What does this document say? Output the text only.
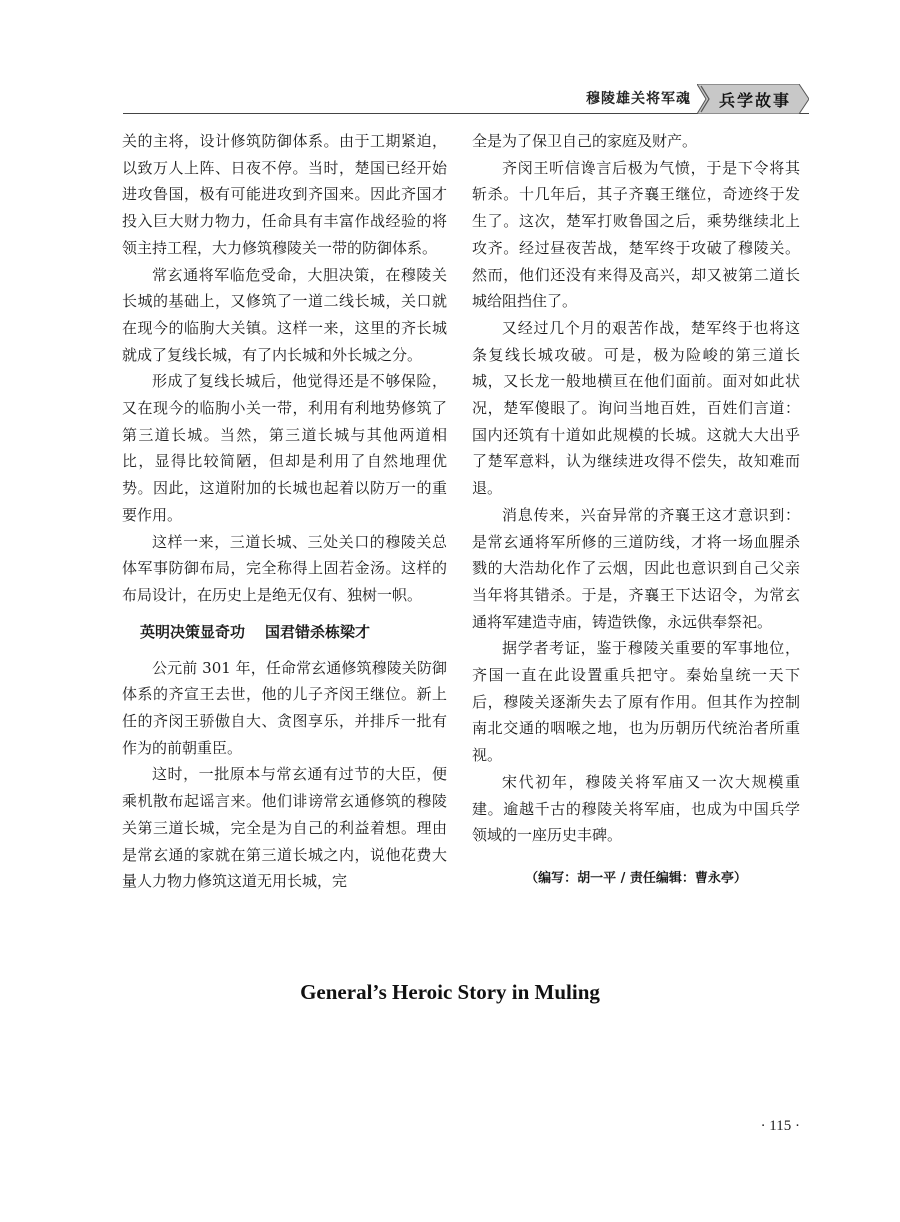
穆陵雄关将军魂 兵学故事

关的主将，设计修筑防御体系。由于工期紧迫，以致万人上阵、日夜不停。当时，楚国已经开始进攻鲁国，极有可能进攻到齐国来。因此齐国才投入巨大财力物力，任命具有丰富作战经验的将领主持工程，大力修筑穆陵关一带的防御体系。

常玄通将军临危受命，大胆决策，在穆陵关长城的基础上，又修筑了一道二线长城，关口就在现今的临朐大关镇。这样一来，这里的齐长城就成了复线长城，有了内长城和外长城之分。

形成了复线长城后，他觉得还是不够保险，又在现今的临朐小关一带，利用有利地势修筑了第三道长城。当然，第三道长城与其他两道相比，显得比较简陋，但却是利用了自然地理优势。因此，这道附加的长城也起着以防万一的重要作用。

这样一来，三道长城、三处关口的穆陵关总体军事防御布局，完全称得上固若金汤。这样的布局设计，在历史上是绝无仅有、独树一帜。

英明决策显奇功 国君错杀栋梁才

公元前 301 年，任命常玄通修筑穆陵关防御体系的齐宣王去世，他的儿子齐闵王继位。新上任的齐闵王骄傲自大、贪图享乐，并排斥一批有作为的前朝重臣。

这时，一批原本与常玄通有过节的大臣，便乘机散布起谣言来。他们诽谤常玄通修筑的穆陵关第三道长城，完全是为自己的利益着想。理由是常玄通的家就在第三道长城之内，说他花费大量人力物力修筑这道无用长城，完

全是为了保卫自己的家庭及财产。

齐闵王听信谗言后极为气愤，于是下令将其斩杀。十几年后，其子齐襄王继位，奇迹终于发生了。这次，楚军打败鲁国之后，乘势继续北上攻齐。经过昼夜苦战，楚军终于攻破了穆陵关。然而，他们还没有来得及高兴，却又被第二道长城给阻挡住了。

又经过几个月的艰苦作战，楚军终于也将这条复线长城攻破。可是，极为险峻的第三道长城，又长龙一般地横亘在他们面前。面对如此状况，楚军傻眼了。询问当地百姓，百姓们言道：国内还筑有十道如此规模的长城。这就大大出乎了楚军意料，认为继续进攻得不偿失，故知难而退。

消息传来，兴奋异常的齐襄王这才意识到：是常玄通将军所修的三道防线，才将一场血腥杀戮的大浩劫化作了云烟，因此也意识到自己父亲当年将其错杀。于是，齐襄王下达诏令，为常玄通将军建造寺庙，铸造铁像，永远供奉祭祀。

据学者考证，鉴于穆陵关重要的军事地位，齐国一直在此设置重兵把守。秦始皇统一天下后，穆陵关逐渐失去了原有作用。但其作为控制南北交通的咽喉之地，也为历朝历代统治者所重视。

宋代初年，穆陵关将军庙又一次大规模重建。逾越千古的穆陵关将军庙，也成为中国兵学领域的一座历史丰碑。

（编写：胡一平 / 责任编辑：曹永亭）
General’s Heroic Story in Muling
· 115 ·
